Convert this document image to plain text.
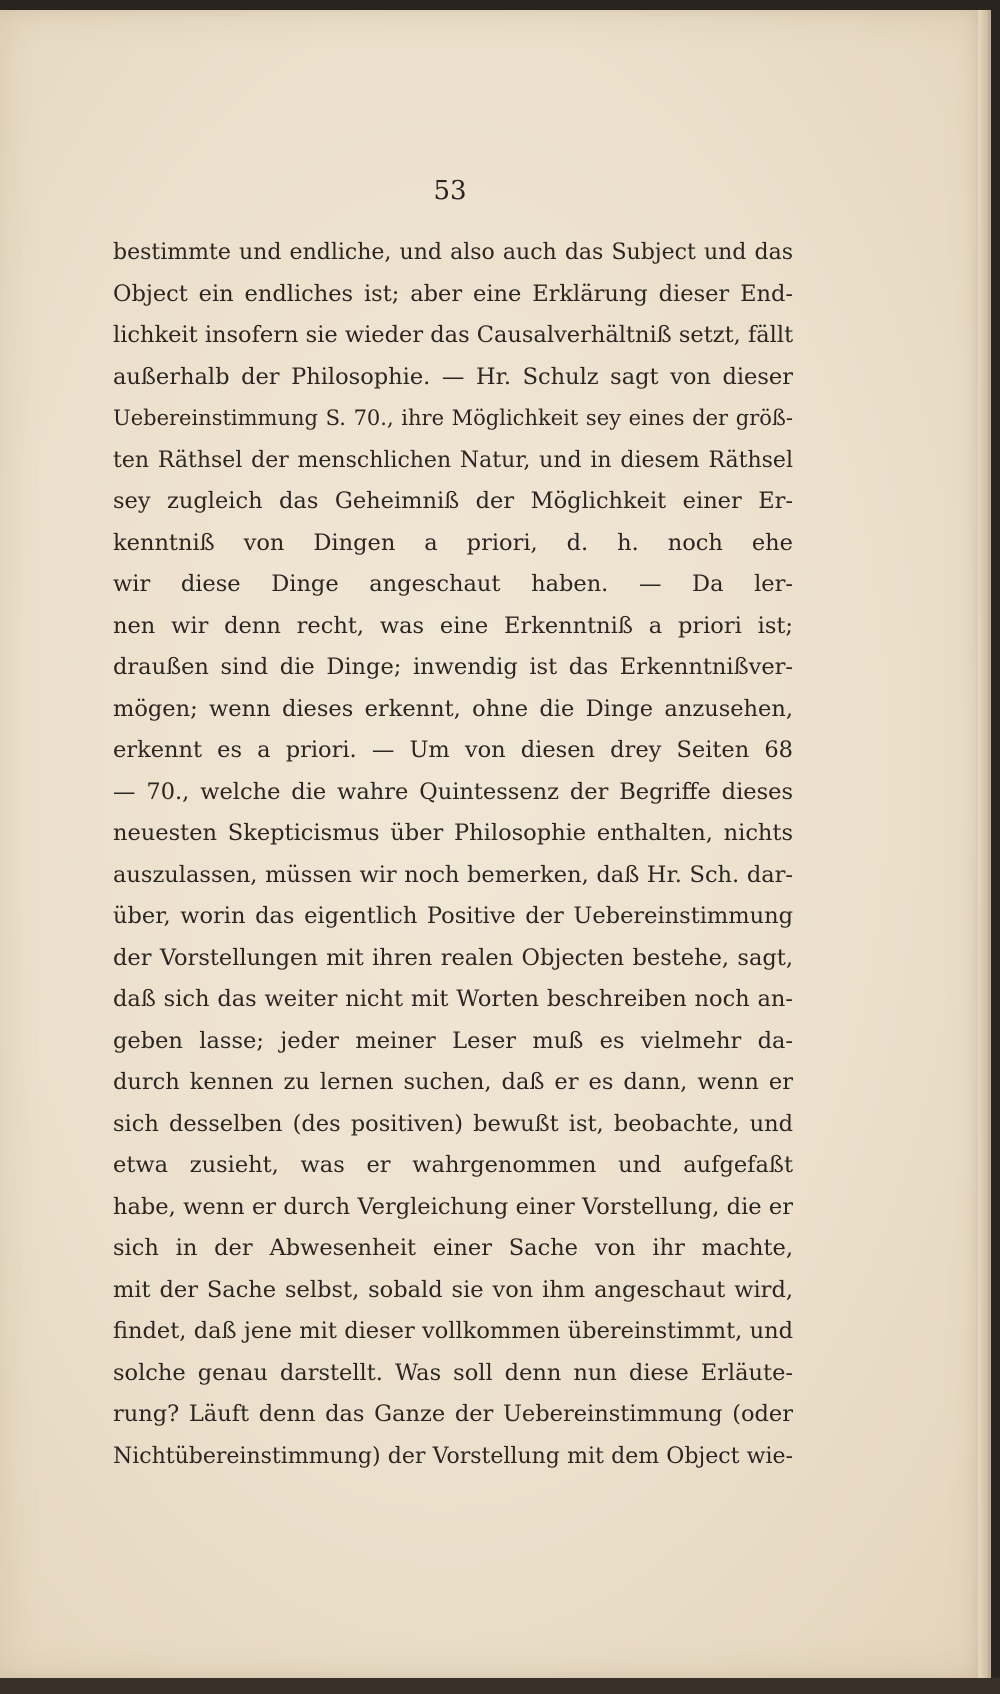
53
bestimmte und endliche, und also auch das Subject und das
Object ein endliches ist; aber eine Erklärung dieser End-
lichkeit insofern sie wieder das Causalverhältniß setzt, fällt
außerhalb der Philosophie. — Hr. Schulz sagt von dieser
Uebereinstimmung S. 70., ihre Möglichkeit sey eines der größ-
ten Räthsel der menschlichen Natur, und in diesem Räthsel
sey zugleich das Geheimniß der Möglichkeit einer Er-
kenntniß von Dingen a priori, d. h. noch ehe
wir diese Dinge angeschaut haben. — Da ler-
nen wir denn recht, was eine Erkenntniß a priori ist;
draußen sind die Dinge; inwendig ist das Erkenntnißver-
mögen; wenn dieses erkennt, ohne die Dinge anzusehen,
erkennt es a priori. — Um von diesen drey Seiten 68
— 70., welche die wahre Quintessenz der Begriffe dieses
neuesten Skepticismus über Philosophie enthalten, nichts
auszulassen, müssen wir noch bemerken, daß Hr. Sch. dar-
über, worin das eigentlich Positive der Uebereinstimmung
der Vorstellungen mit ihren realen Objecten bestehe, sagt,
daß sich das weiter nicht mit Worten beschreiben noch an-
geben lasse; jeder meiner Leser muß es vielmehr da-
durch kennen zu lernen suchen, daß er es dann, wenn er
sich desselben (des positiven) bewußt ist, beobachte, und
etwa zusieht, was er wahrgenommen und aufgefaßt
habe, wenn er durch Vergleichung einer Vorstellung, die er
sich in der Abwesenheit einer Sache von ihr machte,
mit der Sache selbst, sobald sie von ihm angeschaut wird,
findet, daß jene mit dieser vollkommen übereinstimmt, und
solche genau darstellt. Was soll denn nun diese Erläute-
rung? Läuft denn das Ganze der Uebereinstimmung (oder
Nichtübereinstimmung) der Vorstellung mit dem Object wie-
